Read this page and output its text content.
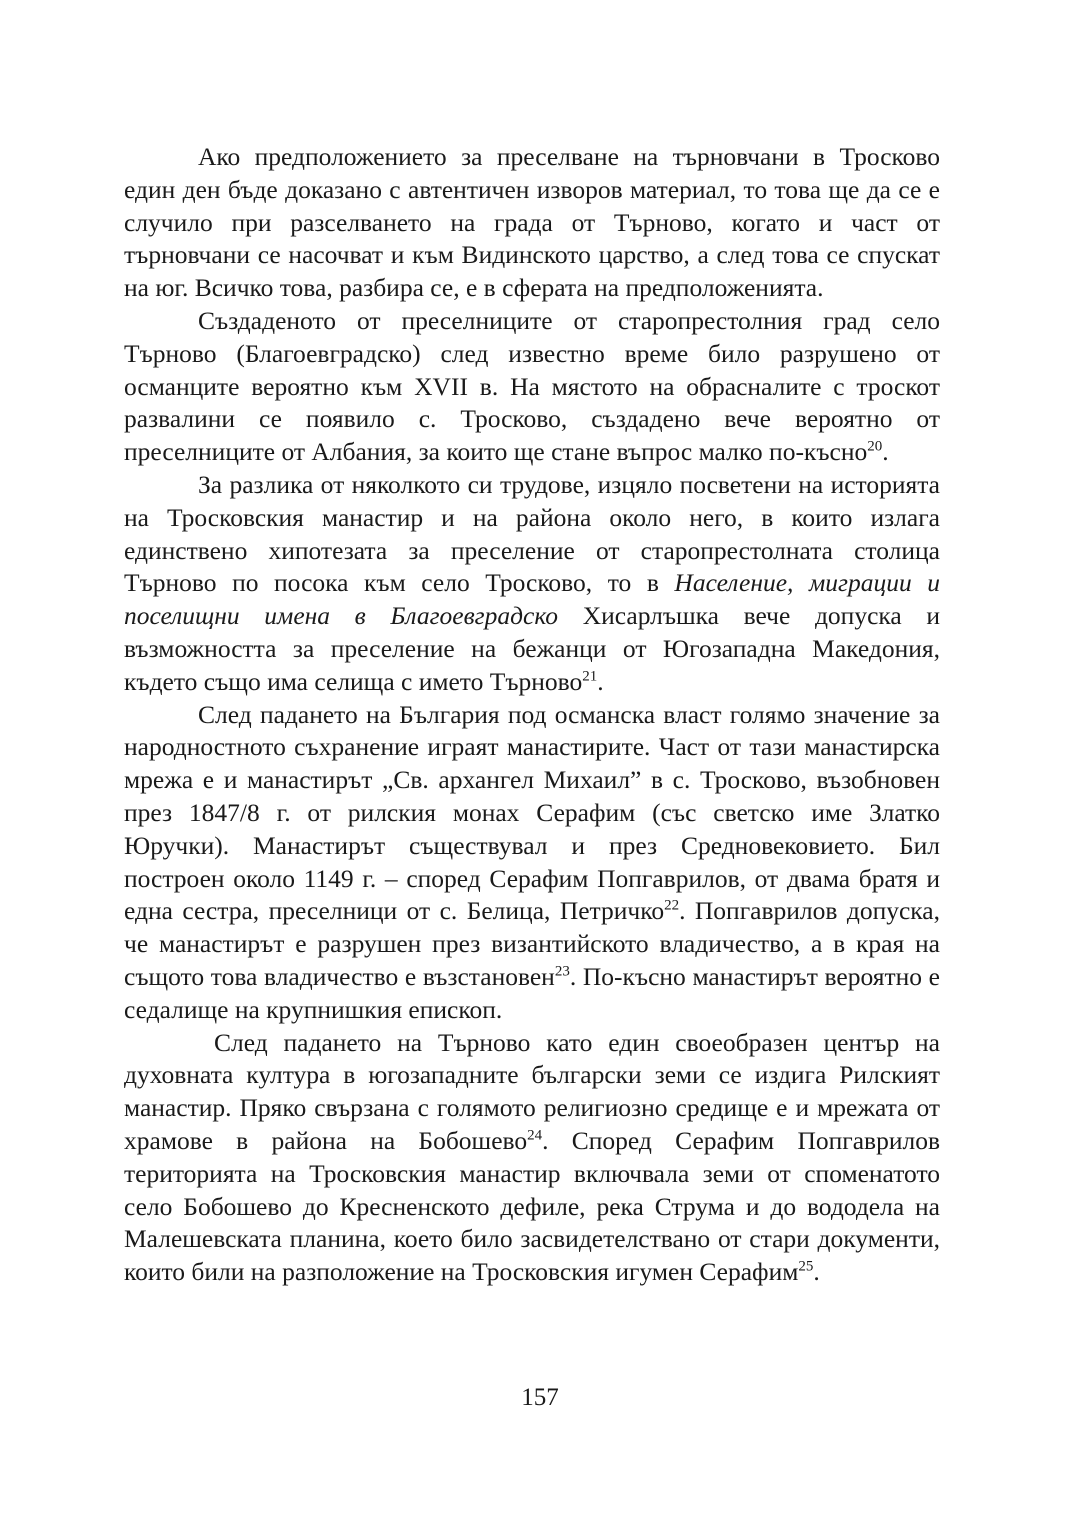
Ако предположението за преселване на търновчани в Тросково един ден бъде доказано с автентичен изворов материал, то това ще да се е случило при разселването на града от Търново, когато и част от търновчани се насочват и към Видинското царство, а след това се спускат на юг. Всичко това, разбира се, е в сферата на предположенията.

Създаденото от преселниците от старопрестолния град село Търново (Благоевградско) след известно време било разрушено от османците вероятно към XVII в. На мястото на обрасналите с троскот развалини се появило с. Тросково, създадено вече вероятно от преселниците от Албания, за които ще стане въпрос малко по-късно$^{20}$.

За разлика от няколкото си трудове, изцяло посветени на историята на Тросковския манастир и на района около него, в които излага единствено хипотезата за преселение от старопрестолната столица Търново по посока към село Тросково, то в Население, миграции и поселищни имена в Благоевградско Хисарлъшка вече допуска и възможността за преселение на бежанци от Югозападна Македония, където също има селища с името Търново$^{21}$.

След падането на България под османска власт голямо значение за народностното съхранение играят манастирите. Част от тази манастирска мрежа е и манастирът „Св. архангел Михаил” в с. Тросково, възобновен през 1847/8 г. от рилския монах Серафим (със светско име Златко Юручки). Манастирът съществувал и през Средновековието. Бил построен около 1149 г. – според Серафим Попгаврилов, от двама братя и една сестра, преселници от с. Белица, Петричко$^{22}$. Попгаврилов допуска, че манастирът е разрушен през византийското владичество, а в края на същото това владичество е възстановен$^{23}$. По-късно манастирът вероятно е седалище на крупнишкия епископ.

След падането на Търново като един своеобразен център на духовната култура в югозападните български земи се издига Рилският манастир. Пряко свързана с голямото религиозно средище е и мрежата от храмове в района на Бобошево$^{24}$. Според Серафим Попгаврилов територията на Тросковския манастир включвала земи от споменатото село Бобошево до Кресненското дефиле, река Струма и до вододела на Малешевската планина, което било засвидетелствано от стари документи, които били на разположение на Тросковския игумен Серафим$^{25}$.

157
